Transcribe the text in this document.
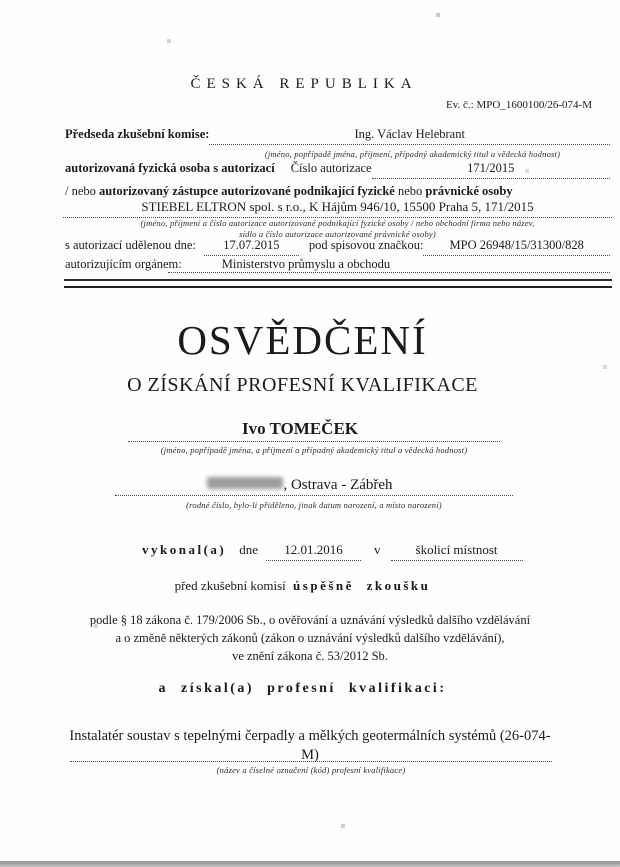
ČESKÁ REPUBLIKA
Ev. č.: MPO_1600100/26-074-M
Předseda zkušební komise:	Ing. Václav Helebrant
(jméno, popřípadě jména, příjmení, případný akademický titul a vědecká hodnost)
autorizovaná fyzická osoba s autorizací Číslo autorizace	171/2015
/ nebo autorizovaný zástupce autorizované podnikající fyzické nebo právnické osoby
STIEBEL ELTRON spol. s r.o., K Hájům 946/10, 15500 Praha 5, 171/2015
(jméno, příjmení a číslo autorizace autorizované podnikající fyzické osoby / nebo obchodní firma nebo název,
sídlo a číslo autorizace autorizované právnické osoby)
s autorizací udělenou dne:	17.07.2015	pod spisovou značkou:	MPO 26948/15/31300/828
autorizujícím orgánem:	Ministerstvo průmyslu a obchodu
OSVĚDČENÍ
O ZÍSKÁNÍ PROFESNÍ KVALIFIKACE
Ivo TOMEČEK
(jméno, popřípadě jména, a příjmení a případný akademický titul a vědecká hodnost)
, Ostrava - Zábřeh
(rodné číslo, bylo-li přiděleno, jinak datum narození, a místo narození)
vykonal(a) dne	12.01.2016	v	školicí místnost
před zkušební komisí úspěšně zkoušku
podle § 18 zákona č. 179/2006 Sb., o ověřování a uznávání výsledků dalšího vzdělávání
a o změně některých zákonů (zákon o uznávání výsledků dalšího vzdělávání),
ve znění zákona č. 53/2012 Sb.
a získal(a) profesní kvalifikaci:
Instalatér soustav s tepelnými čerpadly a mělkých geotermálních systémů (26-074-
M)
(název a číselné označení (kód) profesní kvalifikace)
